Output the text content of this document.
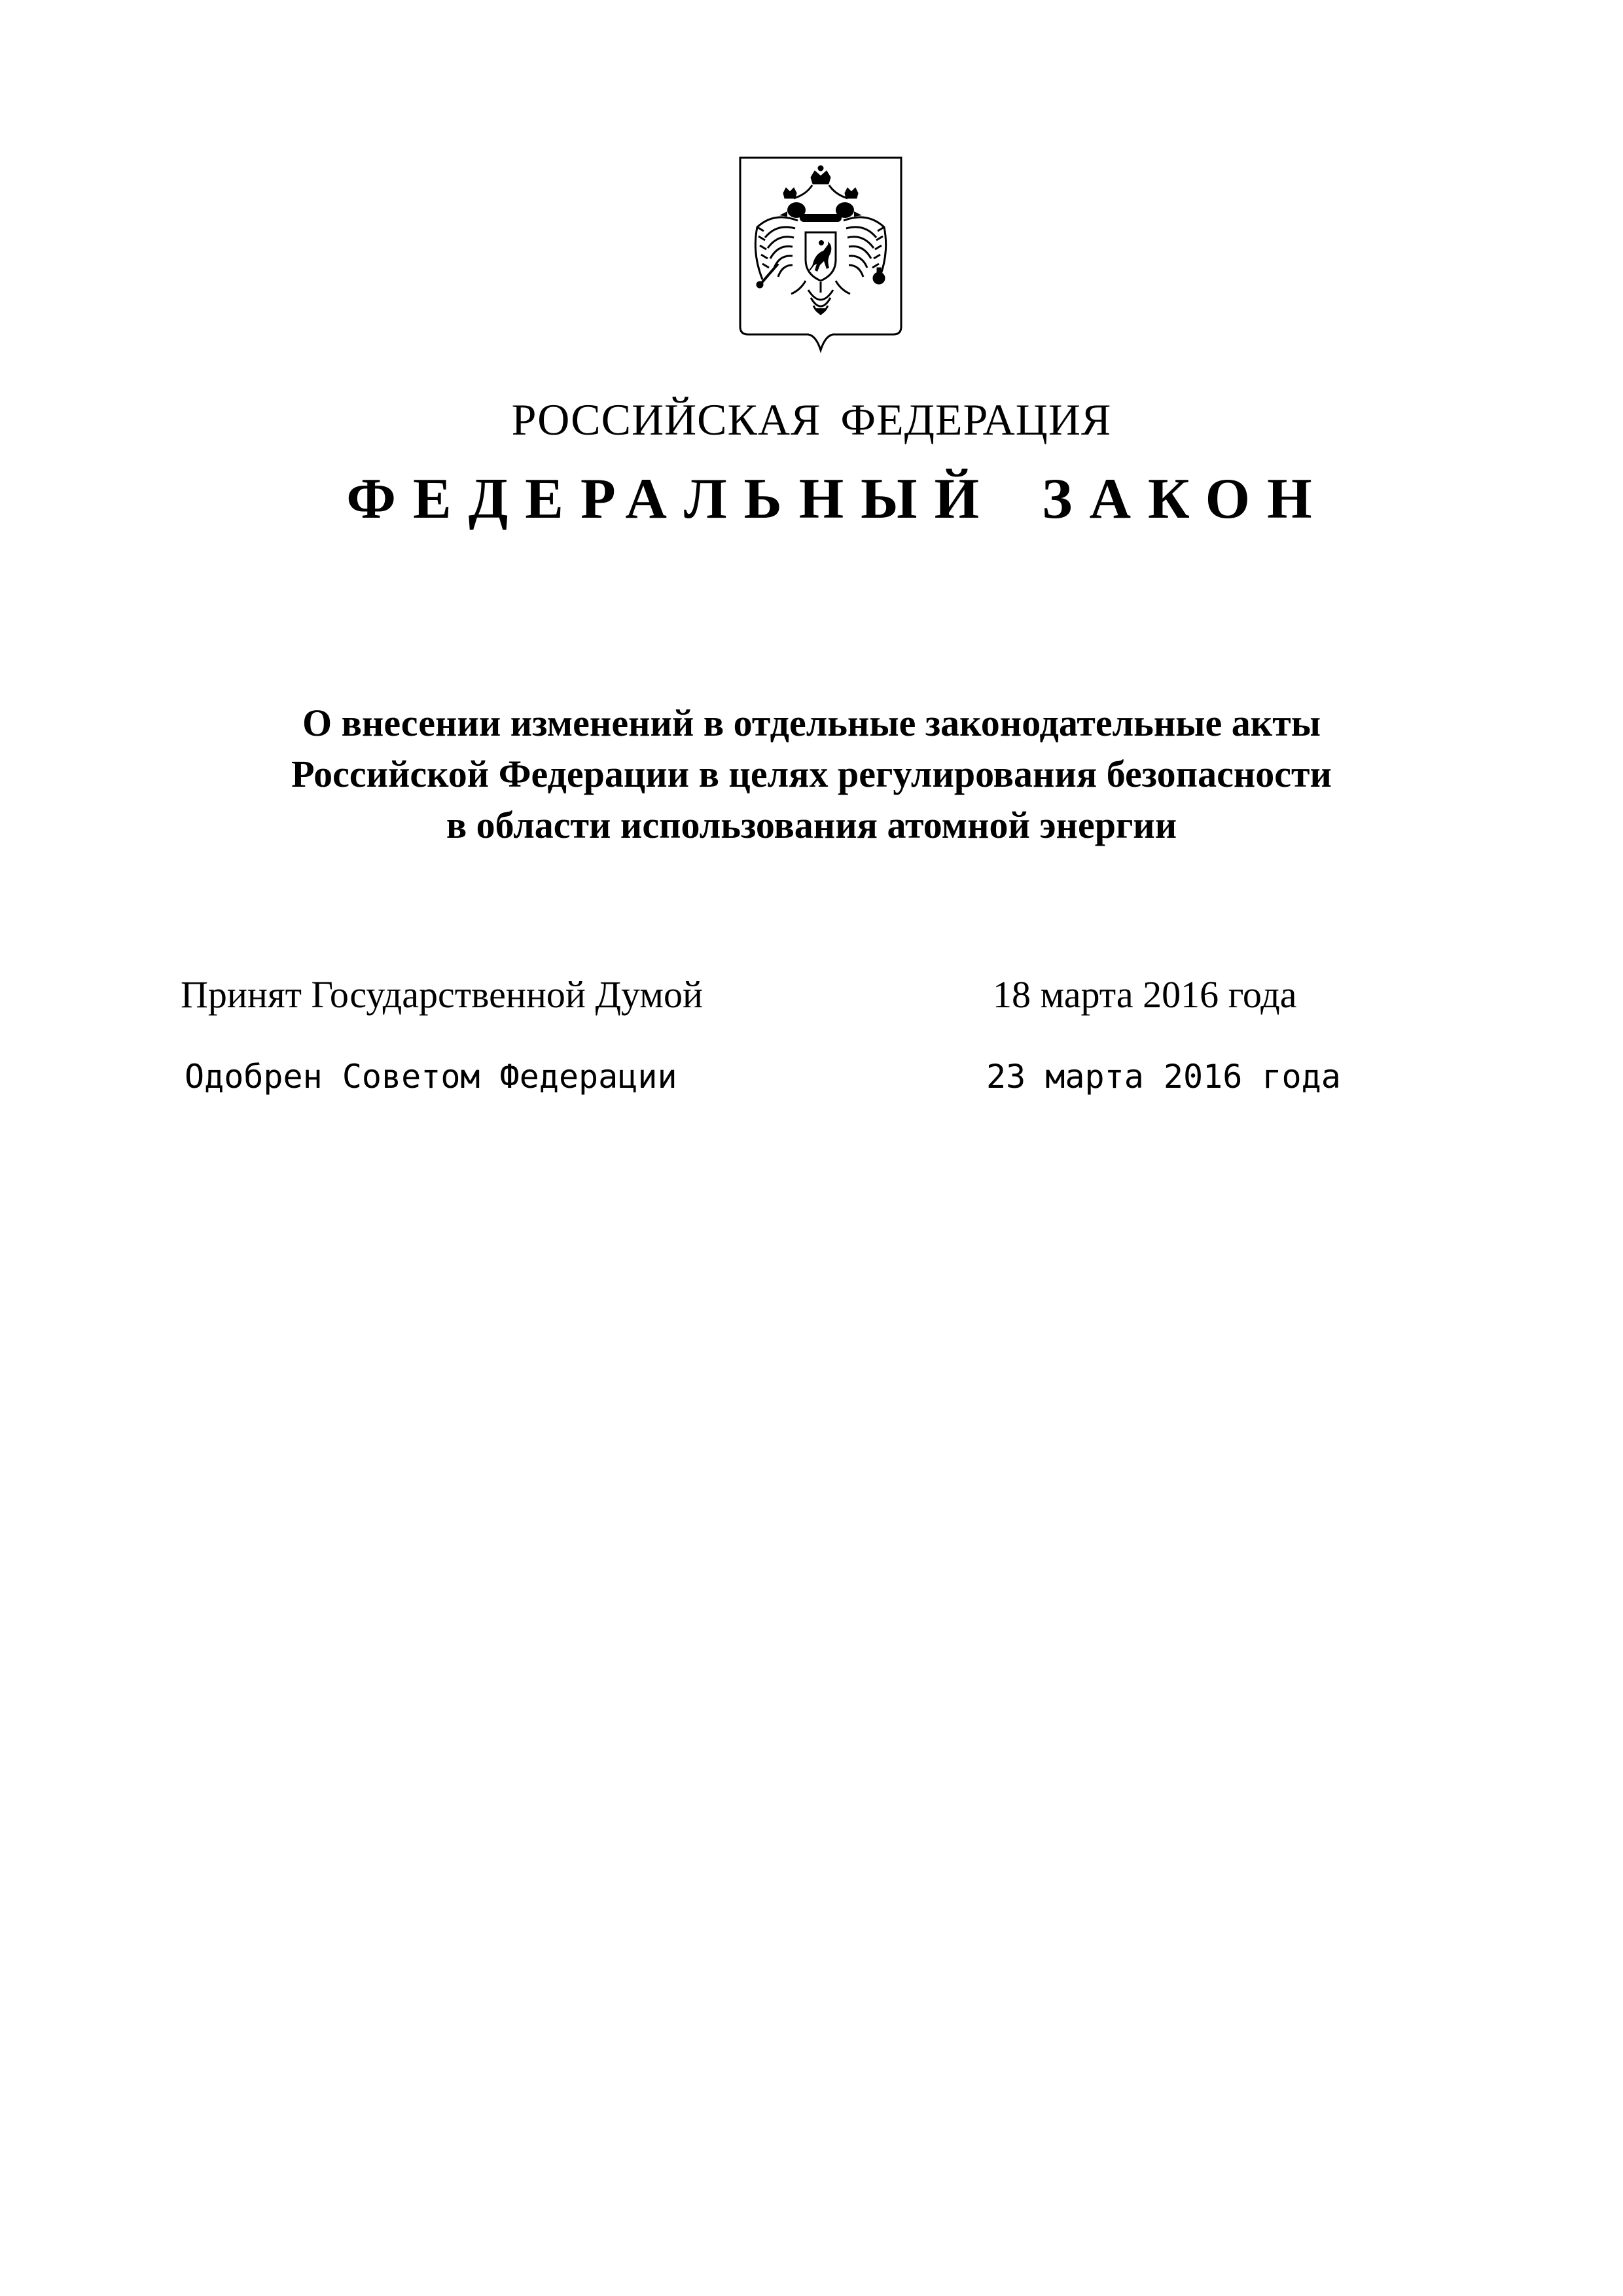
РОССИЙСКАЯ ФЕДЕРАЦИЯ
ФЕДЕРАЛЬНЫЙ ЗАКОН
О внесении изменений в отдельные законодательные акты
Российской Федерации в целях регулирования безопасности
в области использования атомной энергии
Принят Государственной Думой	18 марта 2016 года
Одобрен Советом Федерации	23 марта 2016 года
